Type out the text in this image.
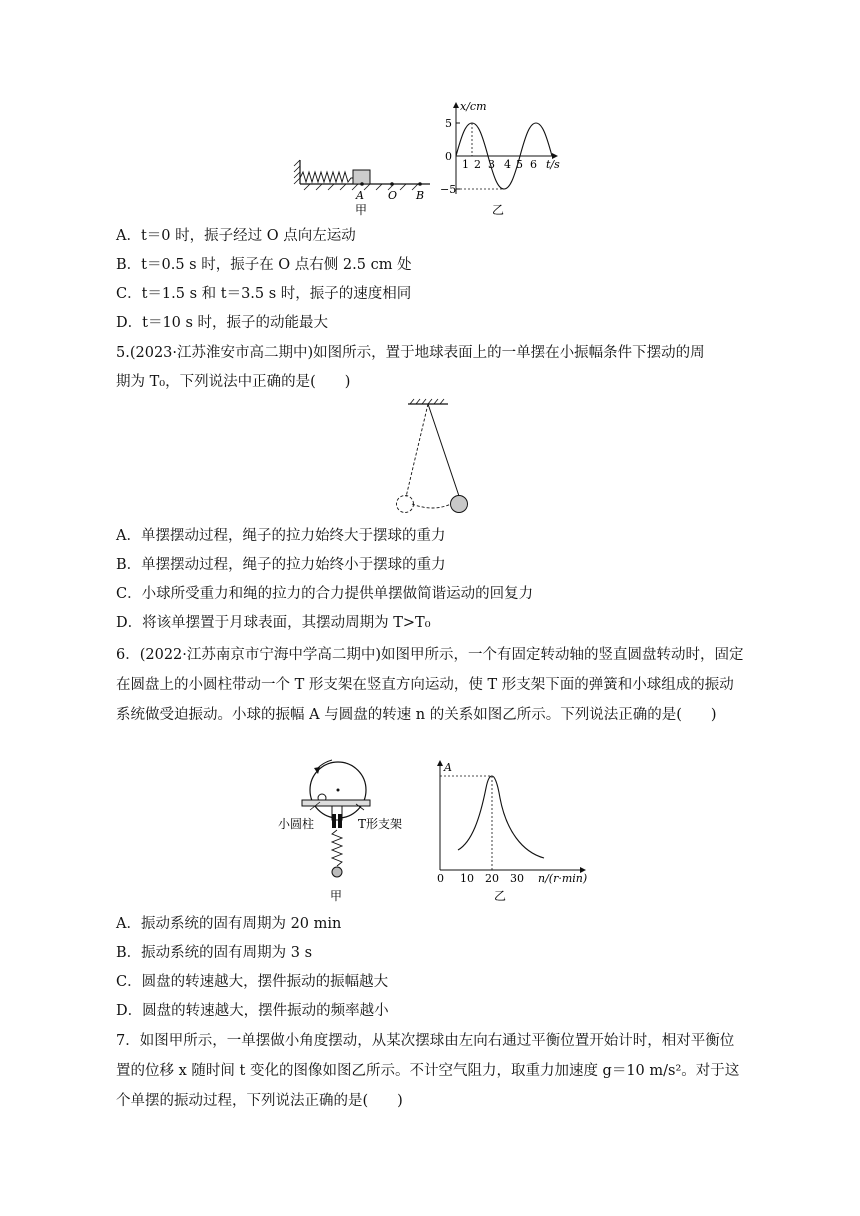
A O B
甲
x/cm
5
0
−5
1 2 3 4 5 6 t/s
乙
A．t＝0 时，振子经过 O 点向左运动
B．t＝0.5 s 时，振子在 O 点右侧 2.5 cm 处
C．t＝1.5 s 和 t＝3.5 s 时，振子的速度相同
D．t＝10 s 时，振子的动能最大
5.(2023·江苏淮安市高二期中)如图所示，置于地球表面上的一单摆在小振幅条件下摆动的周
期为 T₀，下列说法中正确的是(　　)
A．单摆摆动过程，绳子的拉力始终大于摆球的重力
B．单摆摆动过程，绳子的拉力始终小于摆球的重力
C．小球所受重力和绳的拉力的合力提供单摆做简谐运动的回复力
D．将该单摆置于月球表面，其摆动周期为 T>T₀
6．(2022·江苏南京市宁海中学高二期中)如图甲所示，一个有固定转动轴的竖直圆盘转动时，固定在圆盘上的小圆柱带动一个 T 形支架在竖直方向运动，使 T 形支架下面的弹簧和小球组成的振动系统做受迫振动。小球的振幅 A 与圆盘的转速 n 的关系如图乙所示。下列说法正确的是(　　)
小圆柱	T形支架
甲
A
0 10 20 30 n/(r·min)
乙
A．振动系统的固有周期为 20 min
B．振动系统的固有周期为 3 s
C．圆盘的转速越大，摆件振动的振幅越大
D．圆盘的转速越大，摆件振动的频率越小
7．如图甲所示，一单摆做小角度摆动，从某次摆球由左向右通过平衡位置开始计时，相对平衡位置的位移 x 随时间 t 变化的图像如图乙所示。不计空气阻力，取重力加速度 g＝10 m/s²。对于这个单摆的振动过程，下列说法正确的是(　　)
